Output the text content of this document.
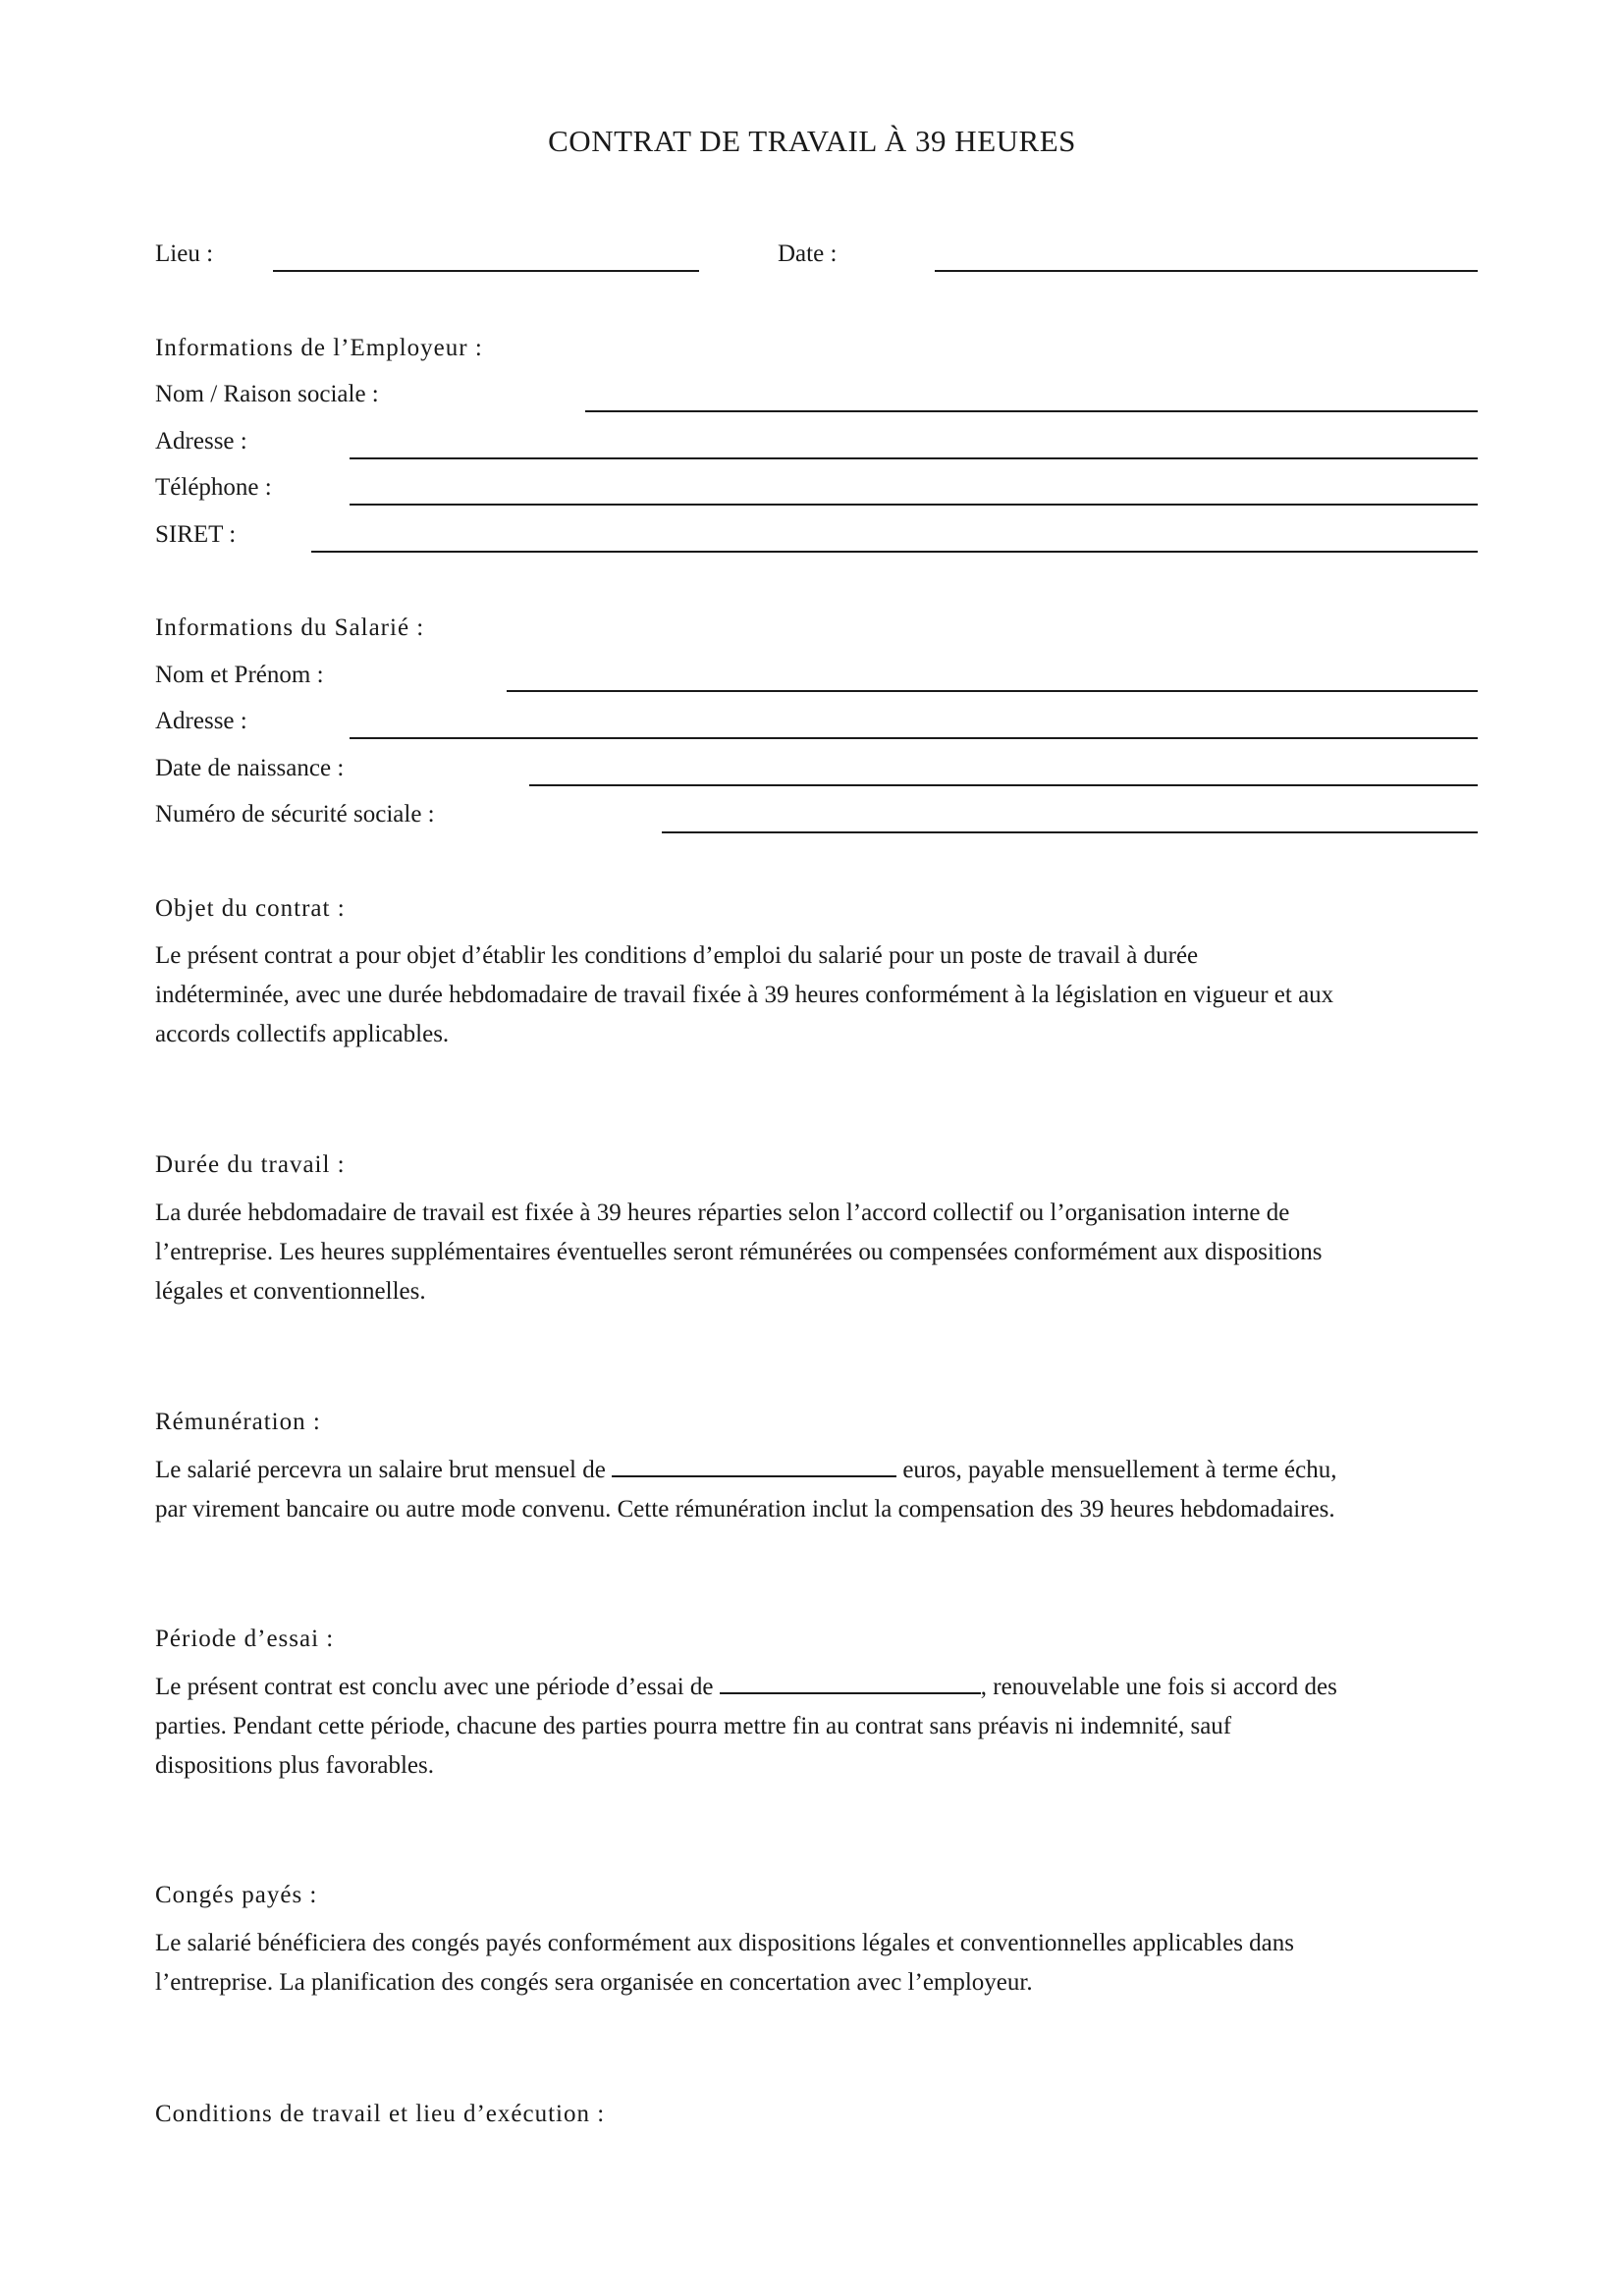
CONTRAT DE TRAVAIL À 39 HEURES
Lieu :	Date :
Informations de l’Employeur :
Nom / Raison sociale :
Adresse :
Téléphone :
SIRET :
Informations du Salarié :
Nom et Prénom :
Adresse :
Date de naissance :
Numéro de sécurité sociale :
Objet du contrat :

Le présent contrat a pour objet d’établir les conditions d’emploi du salarié pour un poste de travail à durée

indéterminée, avec une durée hebdomadaire de travail fixée à 39 heures conformément à la législation en vigueur et aux

accords collectifs applicables.

Durée du travail :

La durée hebdomadaire de travail est fixée à 39 heures réparties selon l’accord collectif ou l’organisation interne de

l’entreprise. Les heures supplémentaires éventuelles seront rémunérées ou compensées conformément aux dispositions

légales et conventionnelles.

Rémunération :

Le salarié percevra un salaire brut mensuel de	euros, payable mensuellement à terme échu,

par virement bancaire ou autre mode convenu. Cette rémunération inclut la compensation des 39 heures hebdomadaires.

Période d’essai :

Le présent contrat est conclu avec une période d’essai de	, renouvelable une fois si accord des

parties. Pendant cette période, chacune des parties pourra mettre fin au contrat sans préavis ni indemnité, sauf

dispositions plus favorables.

Congés payés :

Le salarié bénéficiera des congés payés conformément aux dispositions légales et conventionnelles applicables dans

l’entreprise. La planification des congés sera organisée en concertation avec l’employeur.

Conditions de travail et lieu d’exécution :
